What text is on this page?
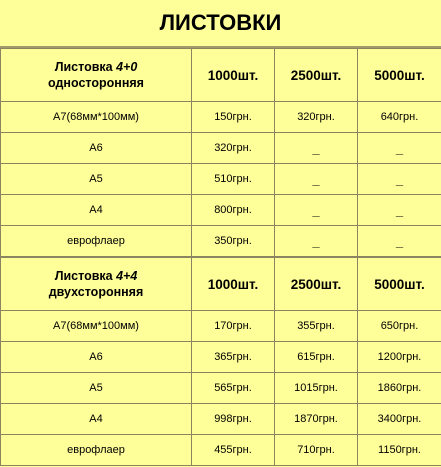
ЛИСТОВКИ
Листовка 4+0
односторонняя	1000шт.	2500шт.	5000шт.
А7(68мм*100мм)	150грн.	320грн.	640грн.
А6	320грн.	_	_
А5	510грн.	_	_
А4	800грн.	_	_
еврофлаер	350грн.	_	_
Листовка 4+4
двухсторонняя	1000шт.	2500шт.	5000шт.
А7(68мм*100мм)	170грн.	355грн.	650грн.
А6	365грн.	615грн.	1200грн.
А5	565грн.	1015грн.	1860грн.
А4	998грн.	1870грн.	3400грн.
еврофлаер	455грн.	710грн.	1150грн.
